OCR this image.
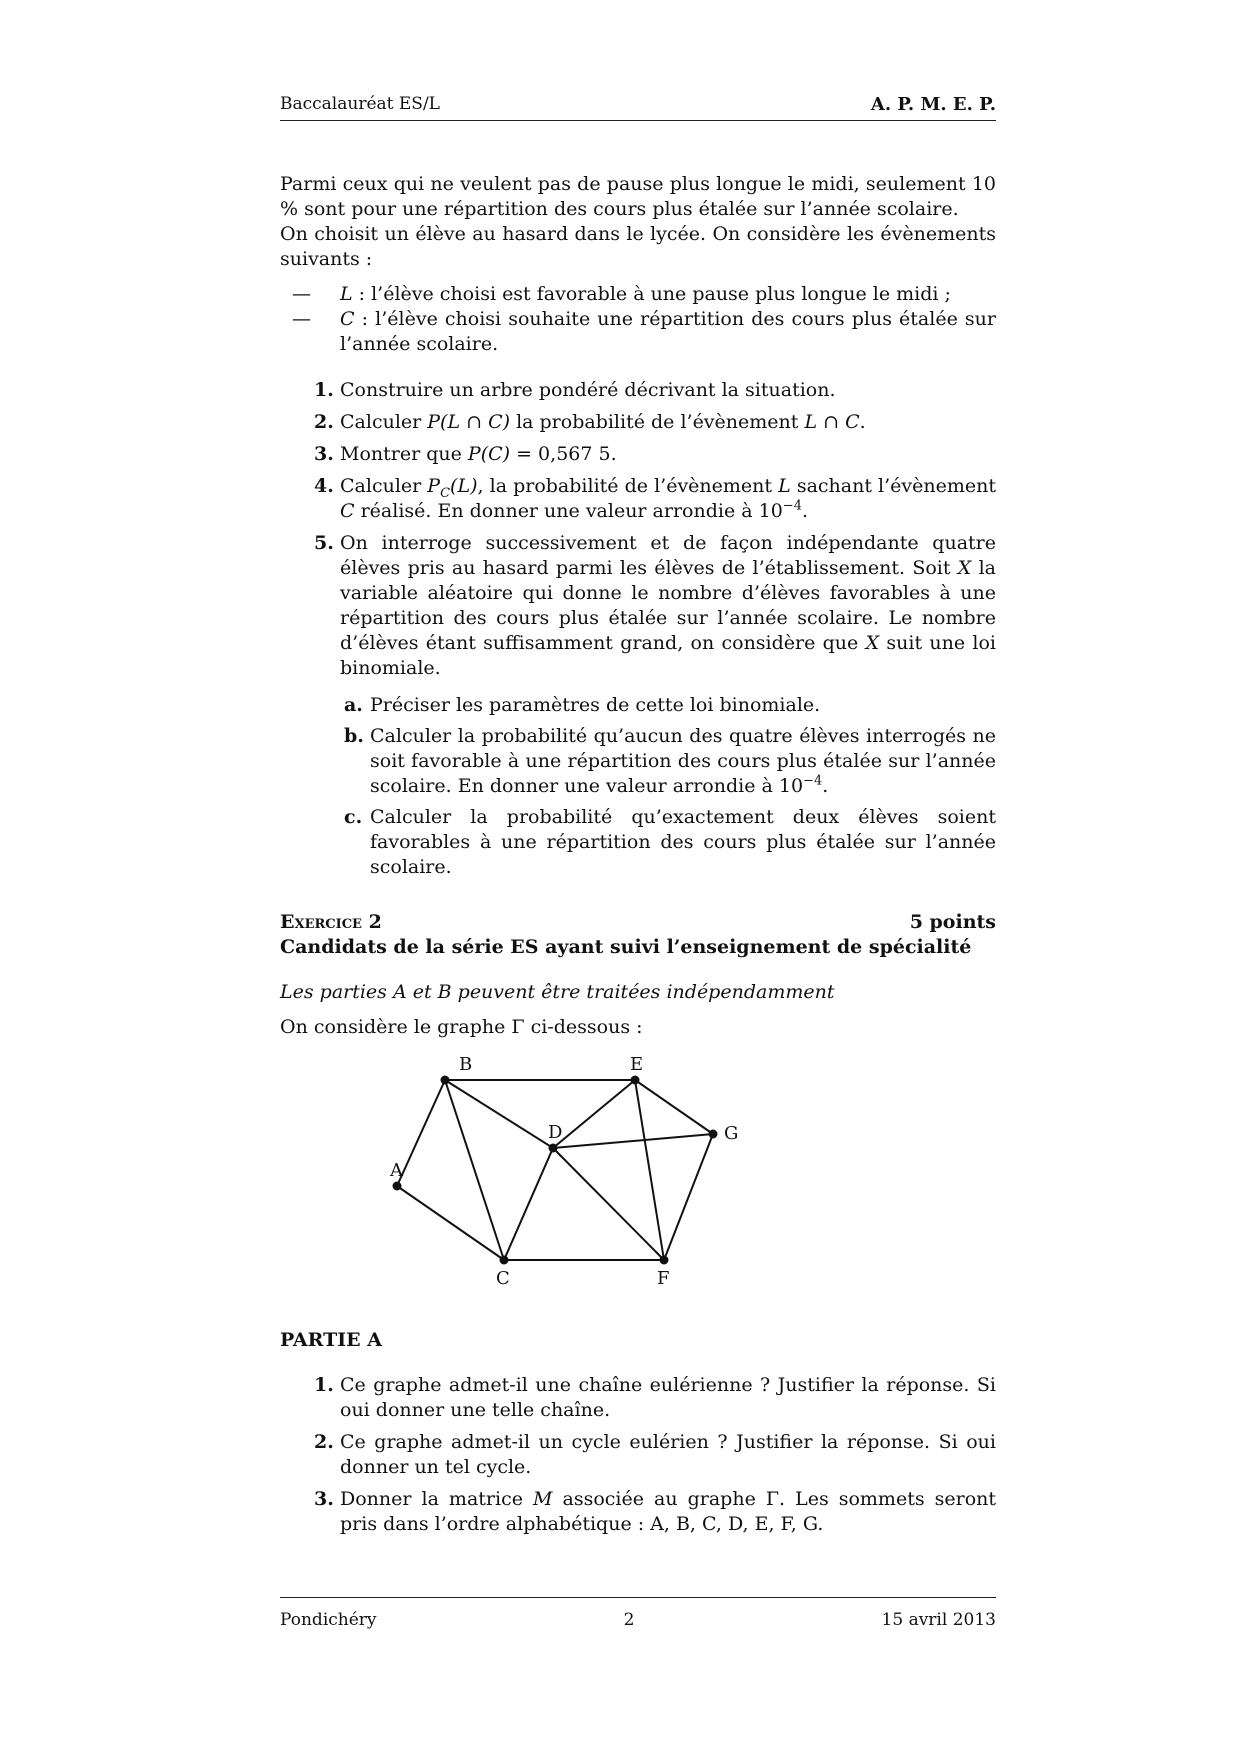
Baccalauréat ES/L	A. P. M. E. P.

Parmi ceux qui ne veulent pas de pause plus longue le midi, seulement 10 % sont pour une répartition des cours plus étalée sur l’année scolaire.

On choisit un élève au hasard dans le lycée. On considère les évènements suivants :

— L : l’élève choisi est favorable à une pause plus longue le midi ;
— C : l’élève choisi souhaite une répartition des cours plus étalée sur l’année scolaire.
1. Construire un arbre pondéré décrivant la situation.
2. Calculer P(L ∩ C) la probabilité de l’évènement L ∩ C.
3. Montrer que P(C) = 0,567 5.
4. Calculer $P_C(L)$, la probabilité de l’évènement L sachant l’évènement C réalisé. En donner une valeur arrondie à $10^{-4}$.
5. On interroge successivement et de façon indépendante quatre élèves pris au hasard parmi les élèves de l’établissement. Soit X la variable aléatoire qui donne le nombre d’élèves favorables à une répartition des cours plus étalée sur l’année scolaire. Le nombre d’élèves étant suffisamment grand, on considère que X suit une loi binomiale.
a. Préciser les paramètres de cette loi binomiale.
b. Calculer la probabilité qu’aucun des quatre élèves interrogés ne soit favorable à une répartition des cours plus étalée sur l’année scolaire. En donner une valeur arrondie à $10^{-4}$.
c. Calculer la probabilité qu’exactement deux élèves soient favorables à une répartition des cours plus étalée sur l’année scolaire.
Exercice 2	5 points

Candidats de la série ES ayant suivi l’enseignement de spécialité

Les parties A et B peuvent être traitées indépendamment

On considère le graphe Γ ci-dessous :

A
B
C
D
E
F
G

PARTIE A

1. Ce graphe admet-il une chaîne eulérienne ? Justifier la réponse. Si oui donner une telle chaîne.
2. Ce graphe admet-il un cycle eulérien ? Justifier la réponse. Si oui donner un tel cycle.
3. Donner la matrice M associée au graphe Γ. Les sommets seront pris dans l’ordre alphabétique : A, B, C, D, E, F, G.
Pondichéry	2	15 avril 2013
